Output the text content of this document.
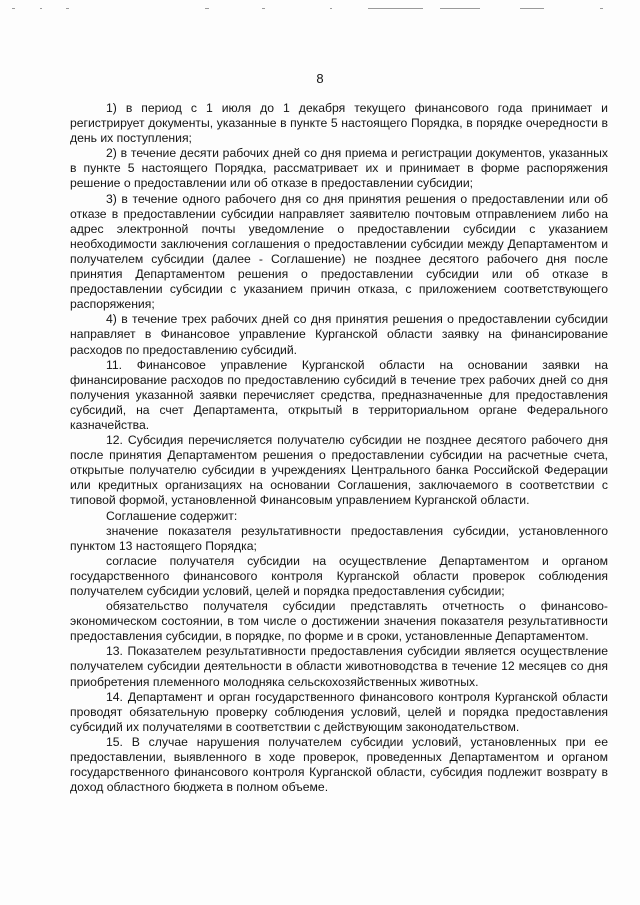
8

1) в период с 1 июля до 1 декабря текущего финансового года принимает и регистрирует документы, указанные в пункте 5 настоящего Порядка, в порядке очередности в день их поступления;

2) в течение десяти рабочих дней со дня приема и регистрации документов, указанных в пункте 5 настоящего Порядка, рассматривает их и принимает в форме распоряжения решение о предоставлении или об отказе в предоставлении субсидии;

3) в течение одного рабочего дня со дня принятия решения о предоставлении или об отказе в предоставлении субсидии направляет заявителю почтовым отправлением либо на адрес электронной почты уведомление о предоставлении субсидии с указанием необходимости заключения соглашения о предоставлении субсидии между Департаментом и получателем субсидии (далее - Соглашение) не позднее десятого рабочего дня после принятия Департаментом решения о предоставлении субсидии или об отказе в предоставлении субсидии с указанием причин отказа, с приложением соответствующего распоряжения;

4) в течение трех рабочих дней со дня принятия решения о предоставлении субсидии направляет в Финансовое управление Курганской области заявку на финансирование расходов по предоставлению субсидий.

11. Финансовое управление Курганской области на основании заявки на финансирование расходов по предоставлению субсидий в течение трех рабочих дней со дня получения указанной заявки перечисляет средства, предназначенные для предоставления субсидий, на счет Департамента, открытый в территориальном органе Федерального казначейства.

12. Субсидия перечисляется получателю субсидии не позднее десятого рабочего дня после принятия Департаментом решения о предоставлении субсидии на расчетные счета, открытые получателю субсидии в учреждениях Центрального банка Российской Федерации или кредитных организациях на основании Соглашения, заключаемого в соответствии с типовой формой, установленной Финансовым управлением Курганской области.

Соглашение содержит:

значение показателя результативности предоставления субсидии, установленного пунктом 13 настоящего Порядка;

согласие получателя субсидии на осуществление Департаментом и органом государственного финансового контроля Курганской области проверок соблюдения получателем субсидии условий, целей и порядка предоставления субсидии;

обязательство получателя субсидии представлять отчетность о финансово-экономическом состоянии, в том числе о достижении значения показателя результативности предоставления субсидии, в порядке, по форме и в сроки, установленные Департаментом.

13. Показателем результативности предоставления субсидии является осуществление получателем субсидии деятельности в области животноводства в течение 12 месяцев со дня приобретения племенного молодняка сельскохозяйственных животных.

14. Департамент и орган государственного финансового контроля Курганской области проводят обязательную проверку соблюдения условий, целей и порядка предоставления субсидий их получателями в соответствии с действующим законодательством.

15. В случае нарушения получателем субсидии условий, установленных при ее предоставлении, выявленного в ходе проверок, проведенных Департаментом и органом государственного финансового контроля Курганской области, субсидия подлежит возврату в доход областного бюджета в полном объеме.
